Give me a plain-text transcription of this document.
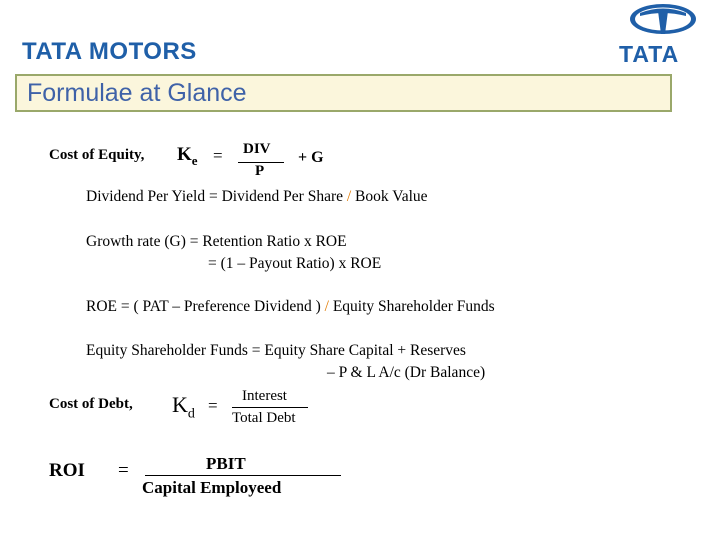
TATA MOTORS	TATA
Formulae at Glance
Cost of Equity, $K_e$ = DIV
P
+ G
Dividend Per Yield = Dividend Per Share / Book Value
Growth rate (G) = Retention Ratio x ROE
= (1 – Payout Ratio) x ROE
ROE = ( PAT – Preference Dividend ) / Equity Shareholder Funds
Equity Shareholder Funds = Equity Share Capital + Reserves
– P & L A/c (Dr Balance)
Cost of Debt, $K_d$ = Interest
Total Debt
ROI =	PBIT
Capital Employeed
